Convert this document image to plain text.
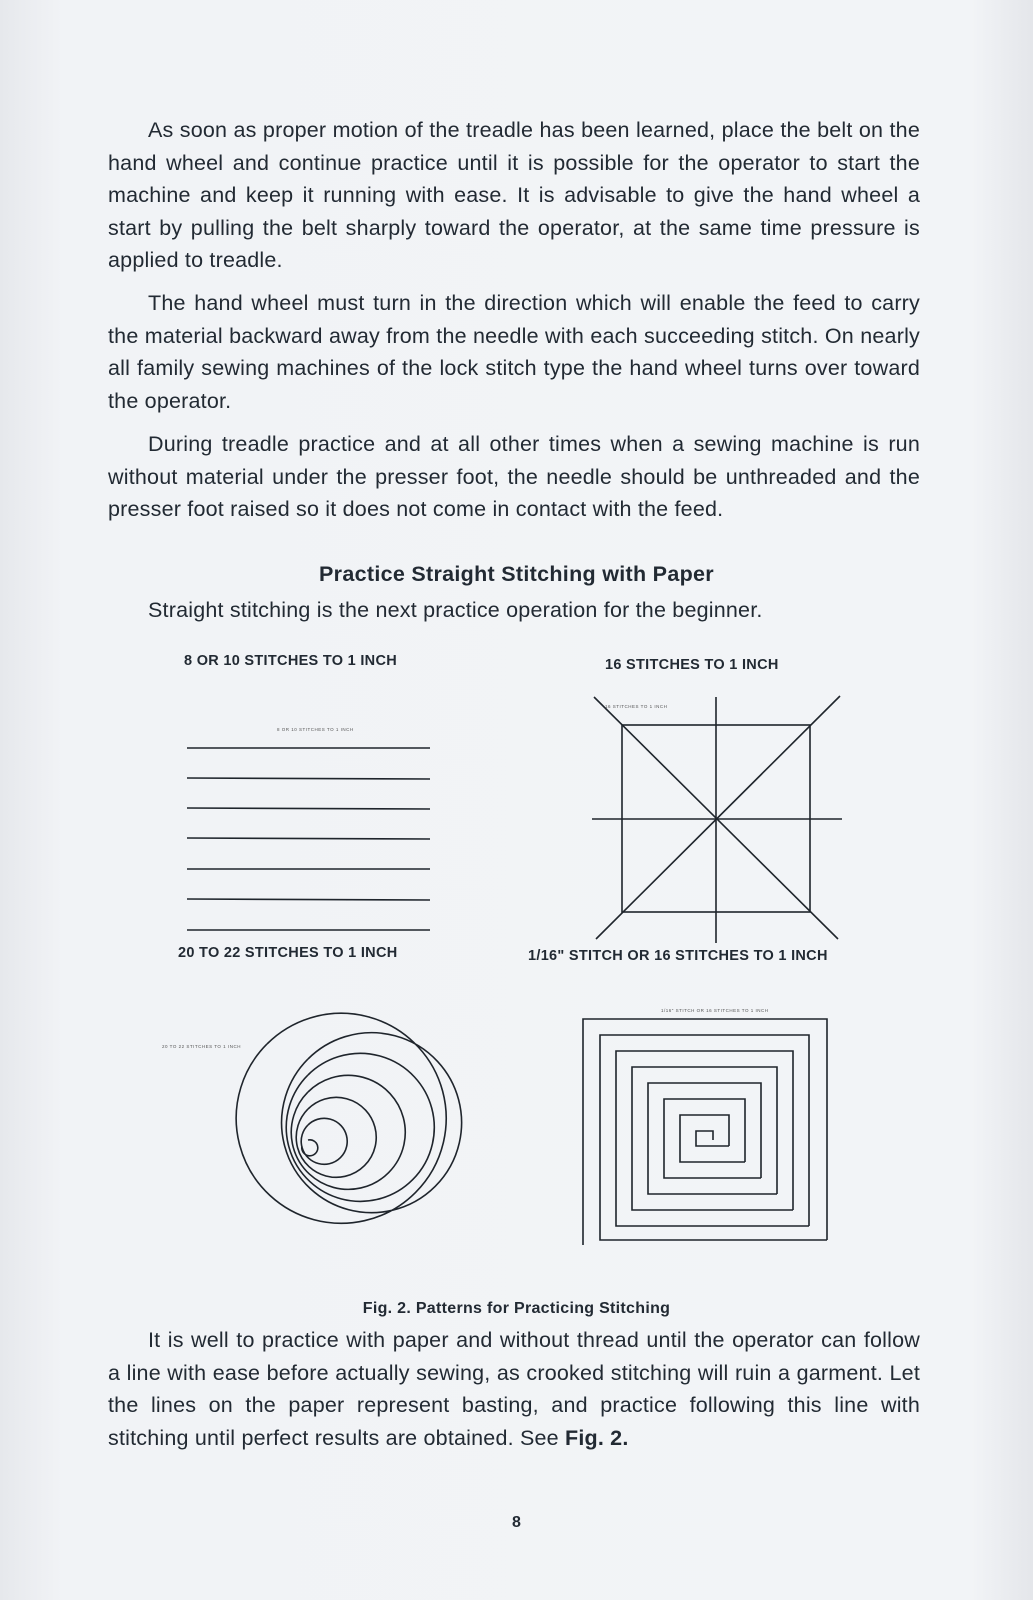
As soon as proper motion of the treadle has been learned, place the belt on the hand wheel and continue practice until it is possible for the operator to start the machine and keep it running with ease. It is advisable to give the hand wheel a start by pulling the belt sharply toward the operator, at the same time pressure is applied to treadle.

The hand wheel must turn in the direction which will enable the feed to carry the material backward away from the needle with each succeeding stitch. On nearly all family sewing machines of the lock stitch type the hand wheel turns over toward the operator.

During treadle practice and at all other times when a sewing machine is run without material under the presser foot, the needle should be unthreaded and the presser foot raised so it does not come in contact with the feed.

Practice Straight Stitching with Paper

Straight stitching is the next practice operation for the beginner.

8 OR 10 STITCHES TO 1 INCH	16 STITCHES TO 1 INCH
20 TO 22 STITCHES TO 1 INCH	1/16" STITCH OR 16 STITCHES TO 1 INCH
8 OR 10 STITCHES TO 1 INCH
16 STITCHES TO 1 INCH
20 TO 22 STITCHES TO 1 INCH
1/16" STITCH OR 16 STITCHES TO 1 INCH
Fig. 2. Patterns for Practicing Stitching

It is well to practice with paper and without thread until the operator can follow a line with ease before actually sewing, as crooked stitching will ruin a garment. Let the lines on the paper represent basting, and practice following this line with stitching until perfect results are obtained. See Fig. 2.

8
